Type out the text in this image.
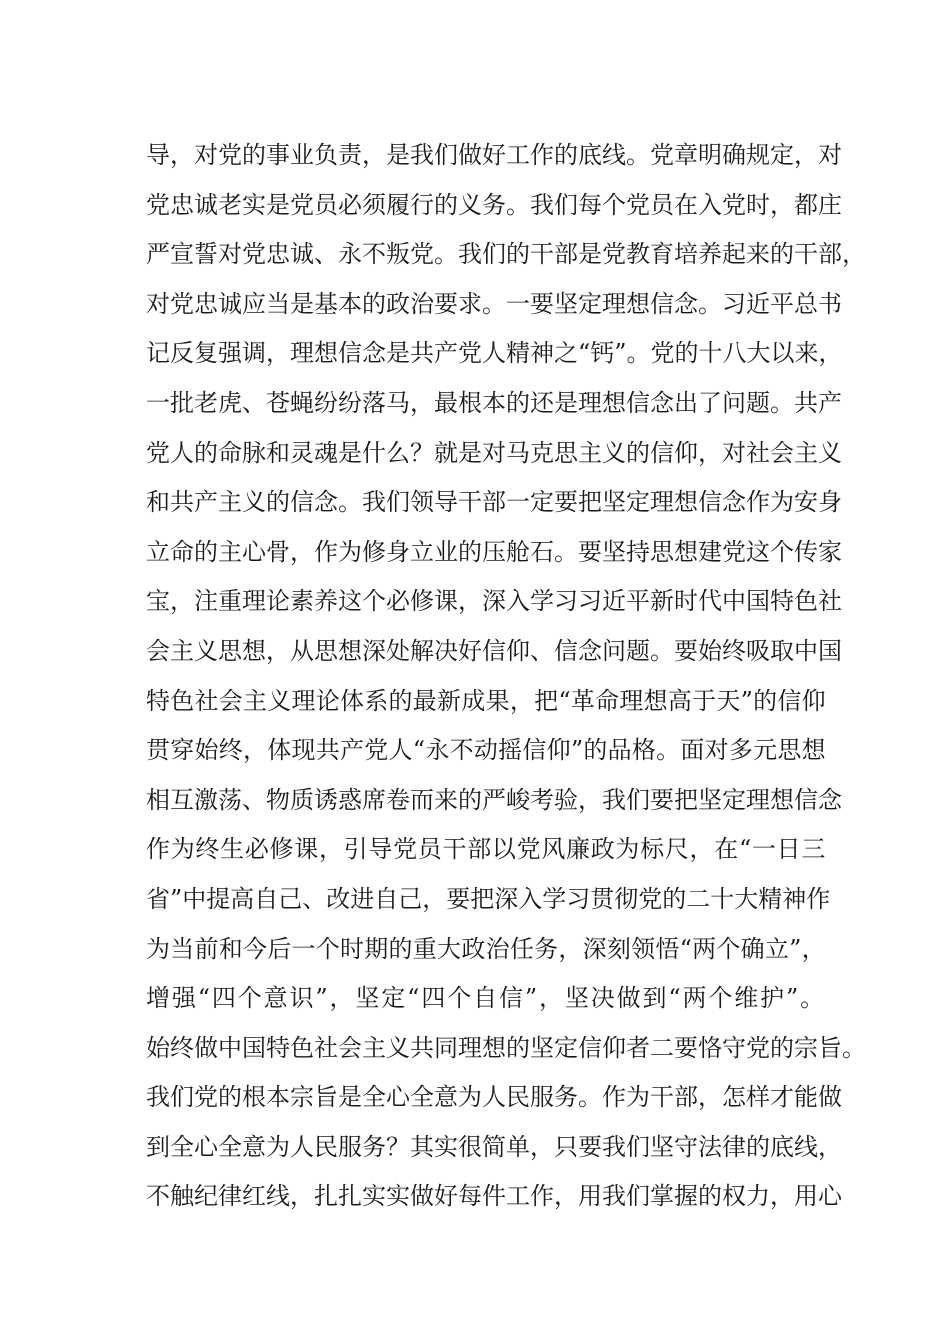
导，对党的事业负责，是我们做好工作的底线。党章明确规定，对
党忠诚老实是党员必须履行的义务。我们每个党员在入党时，都庄
严宣誓对党忠诚、永不叛党。我们的干部是党教育培养起来的干部，
对党忠诚应当是基本的政治要求。一要坚定理想信念。习近平总书
记反复强调，理想信念是共产党人精神之“钙”。党的十八大以来，
一批老虎、苍蝇纷纷落马，最根本的还是理想信念出了问题。共产
党人的命脉和灵魂是什么？就是对马克思主义的信仰，对社会主义
和共产主义的信念。我们领导干部一定要把坚定理想信念作为安身
立命的主心骨，作为修身立业的压舱石。要坚持思想建党这个传家
宝，注重理论素养这个必修课，深入学习习近平新时代中国特色社
会主义思想，从思想深处解决好信仰、信念问题。要始终吸取中国
特色社会主义理论体系的最新成果，把“革命理想高于天”的信仰
贯穿始终，体现共产党人“永不动摇信仰”的品格。面对多元思想
相互激荡、物质诱惑席卷而来的严峻考验，我们要把坚定理想信念
作为终生必修课，引导党员干部以党风廉政为标尺，在“一日三
省”中提高自己、改进自己，要把深入学习贯彻党的二十大精神作
为当前和今后一个时期的重大政治任务，深刻领悟“两个确立”，
增强“四个意识”，坚定“四个自信”，坚决做到“两个维护”。
始终做中国特色社会主义共同理想的坚定信仰者二要恪守党的宗旨。
我们党的根本宗旨是全心全意为人民服务。作为干部，怎样才能做
到全心全意为人民服务？其实很简单，只要我们坚守法律的底线，
不触纪律红线，扎扎实实做好每件工作，用我们掌握的权力，用心
